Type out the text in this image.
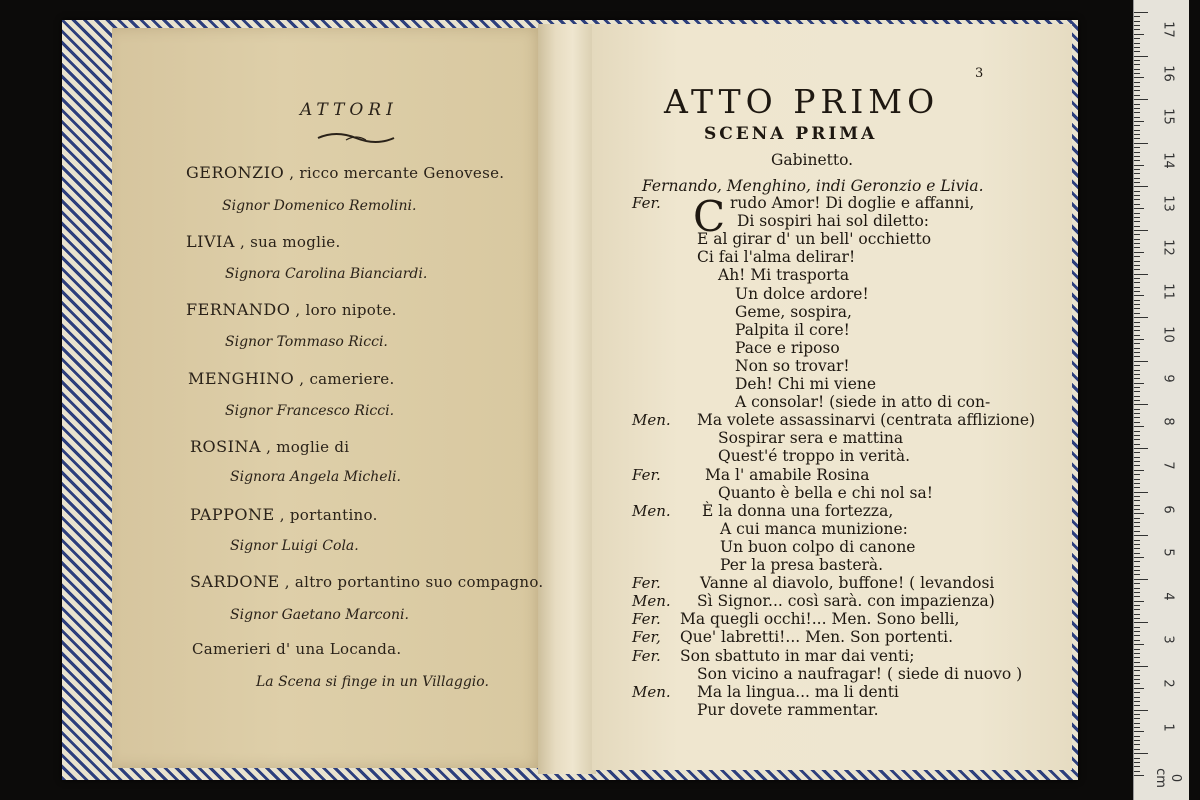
ATTORI
GERONZIO , ricco mercante Genovese.
Signor Domenico Remolini.
LIVIA , sua moglie.
Signora Carolina Bianciardi.
FERNANDO , loro nipote.
Signor Tommaso Ricci.
MENGHINO , cameriere.
Signor Francesco Ricci.
ROSINA , moglie di
Signora Angela Micheli.
PAPPONE , portantino.
Signor Luigi Cola.
SARDONE , altro portantino suo compagno.
Signor Gaetano Marconi.
Camerieri d' una Locanda.
La Scena si finge in un Villaggio.
3
ATTO PRIMO
SCENA PRIMA
Gabinetto.
Fernando, Menghino, indi Geronzio e Livia.
C
Fer.	rudo Amor! Di doglie e affanni,
Di sospiri hai sol diletto:
E al girar d' un bell' occhietto
Ci fai l'alma delirar!
Ah! Mi trasporta
Un dolce ardore!
Geme, sospira,
Palpita il core!
Pace e riposo
Non so trovar!
Deh! Chi mi viene
A consolar! (siede in atto di con-
Men. Ma volete assassinarvi (centrata afflizione)
Sospirar sera e mattina
Quest'é troppo in verità.
Fer.	Ma l' amabile Rosina
Quanto è bella e chi nol sa!
Men. È la donna una fortezza,
A cui manca munizione:
Un buon colpo di canone
Per la presa basterà.
Fer.	Vanne al diavolo, buffone! ( levandosi
Men. Sì Signor... così sarà. con impazienza)
Fer. Ma quegli occhi!... Men. Sono belli,
Fer, Que' labretti!... Men. Son portenti.
Fer. Son sbattuto in mar dai venti;
Son vicino a naufragar! ( siede di nuovo )
Men. Ma la lingua... ma li denti
Pur dovete rammentar.
17
16
15
14
13
12
11
10
9
8
7
6
5
4
3
2
1
0 cm
